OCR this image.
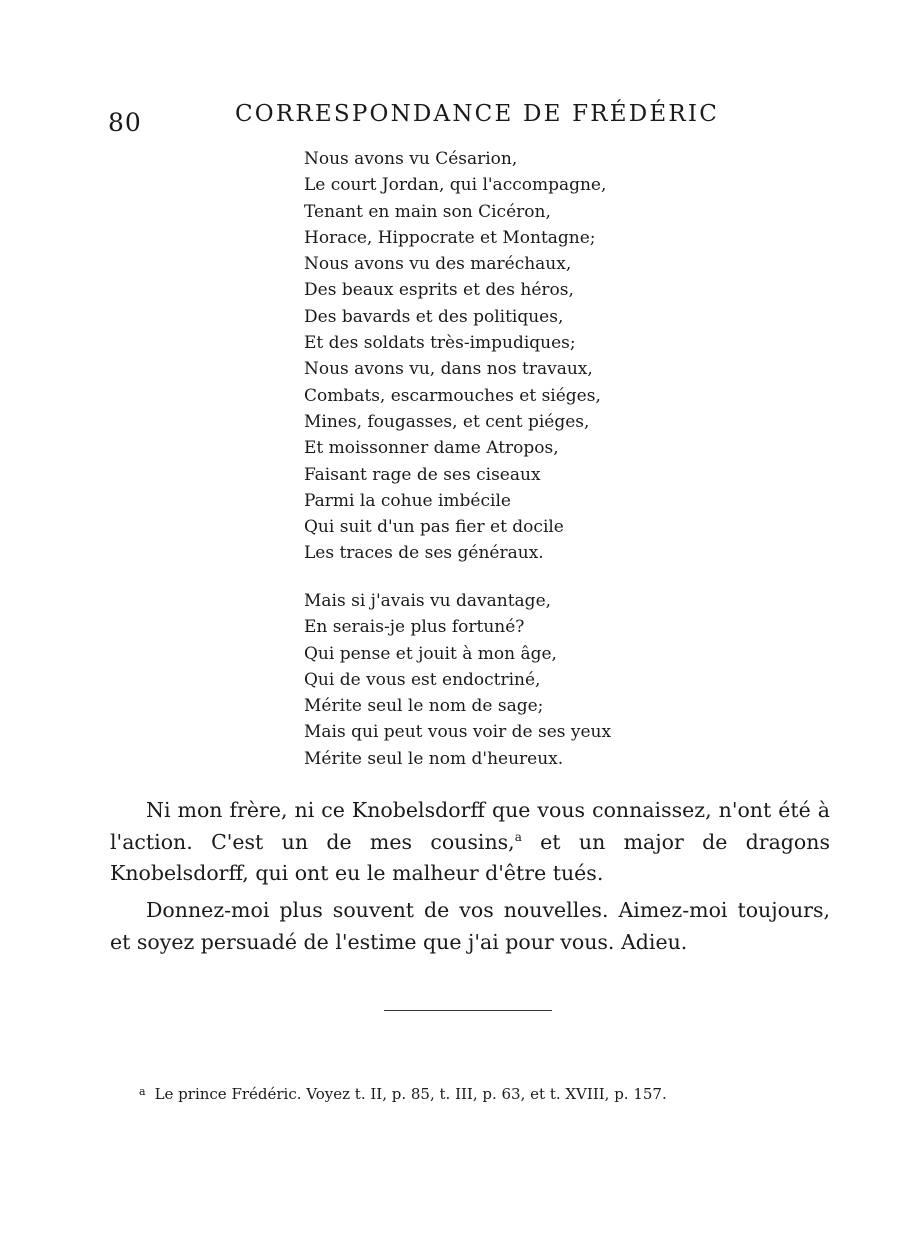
80	CORRESPONDANCE DE FRÉDÉRIC
Nous avons vu Césarion,
Le court Jordan, qui l'accompagne,
Tenant en main son Cicéron,
Horace, Hippocrate et Montagne;
Nous avons vu des maréchaux,
Des beaux esprits et des héros,
Des bavards et des politiques,
Et des soldats très-impudiques;
Nous avons vu, dans nos travaux,
Combats, escarmouches et siéges,
Mines, fougasses, et cent piéges,
Et moissonner dame Atropos,
Faisant rage de ses ciseaux
Parmi la cohue imbécile
Qui suit d'un pas fier et docile
Les traces de ses généraux.
Mais si j'avais vu davantage,
En serais-je plus fortuné?
Qui pense et jouit à mon âge,
Qui de vous est endoctriné,
Mérite seul le nom de sage;
Mais qui peut vous voir de ses yeux
Mérite seul le nom d'heureux.

Ni mon frère, ni ce Knobelsdorff que vous connaissez, n'ont été à l'action. C'est un de mes cousins,$^a$ et un major de dragons Knobelsdorff, qui ont eu le malheur d'être tués.

Donnez-moi plus souvent de vos nouvelles. Aimez-moi toujours, et soyez persuadé de l'estime que j'ai pour vous. Adieu.

$^a$ Le prince Frédéric. Voyez t. II, p. 85, t. III, p. 63, et t. XVIII, p. 157.
